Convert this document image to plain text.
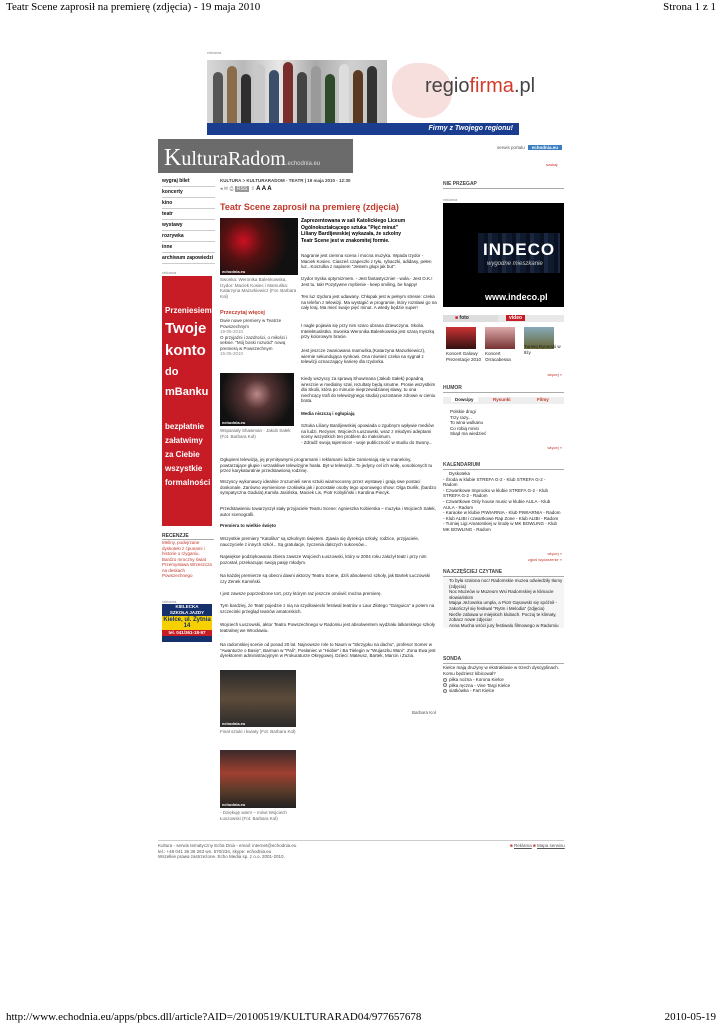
Teatr Scene zaprosił na premierę (zdjęcia) - 19 maja 2010	Strona 1 z 1
http://www.echodnia.eu/apps/pbcs.dll/article?AID=/20100519/KULTURARAD04/977657678	2010-05-19
reklama
regiofirma.pl
Firmy z Twojego regionu!
KulturaRadom.echodnia.eu
serwis portalu echodnia.eu
szukaj
wygraj bilet
koncerty
kino
teatr
wystawy
rozrywka
inne
archiwum zapowiedzi
reklama
Przeniesiemy
Twoje
konto
do
mBanku
bezpłatnie
załatwimy
za Ciebie
wszystkie
formalności
RECENZJE
Meliny, podejrzane dyskoteki z ćpunami i historie o rżyganiu.
Bardzo mroczny świat Przemysława Wrzeszcza na deskach Powszechnego
reklama
KIELECKA
SZKOŁA JAZDY
Kielce, ul. Żytnia 14
tel. 041/361-18-97
KULTURA > KULTURARADOM - TEATR | 19 maja 2010 - 12:30
◂ ✉ ⎙ RSS ⇪ A A A
Teatr Scene zaprosił na premierę (zdjęcia)
echodnia.eu
Swonka: Weronika Balenkowska, Izydor: Maciek Kosiec i Mamuśka: Katarzyna Mazurkiewicz (Fot. Barbara Koł)
Przeczytaj więcej
Dwie nowe premiery w Teatrze Powszechnym
19-05-2010
O przyjaźni i zazdrości, o miłości i seksie. "Mój boski rozwód" nową premierą w Powszechnym
15-05-2010
echodnia.eu
Wspaniały Shawman - Jakub Sałek (Fot. Barbara Koł)
Zaprezentowana w sali Katolickiego Liceum Ogólnokształcącego sztuka "Pięć minut" Liliany Bardijewskiej wykazała, że szkolny Teatr Scene jest w znakomitej formie.
Nagranie jest ciemna scena i mocna muzyka. Wpada Izydor - Maciek Kosiec. Ciasześ czapeczki z tyłu, rybaczki, adidasy, pełen luz...Koszulka z napisem "Jestem głupi jak but".
Izydor tryska optymizmem. - Jest fantastycznie! - woła.- Jest O.K.! Jest tu, tak! Pozytywne myślenie - keep smiling, be happy!
Ten luz Izydora jest udawany. Chłopak jest w pełnym stresie: czeka na telefon z telewizji. Ma wystąpić w programie, który rozsławi go na cały kraj. Ma mieć swoje pięć minut. A wtedy będzie super!
I nagle pojawia się przy nim szaro ubrana dziewczyna. Skolia. Intelektualistka. Swonka Weronika Balenkowska jest szarą myszką przy kolorowym bracie.
Jest jeszcze zwariowana mamuśka,(Katarzyna Mazurkiewicz), wiernie sekundująca synkowi. Ona również czeka na sygnał z telewizji oznaczający karierę dla Izydorka.
Kiedy wszyscy za sprawą Showmana (Jakub Sałek) popadną wreszcie w medialny szał, rezultaty będą smutne. Prosie wszystkim dla Skolii, która po minucie nieprzewidzianej sławy, tu ona niechcący trafi do telewizyjnego studia) pozostanie zdrowe w cieniu brata.
Media niszczą i ogłupiają
Sztuka Liliany Bardijewskiej opowiada o zgubnym wpływie mediów na ludzi. Rezyser, Wojciech Łuszowski, wraz z młodymi adeptami sceny wszystkich ten problem do maksimum.
- Zdradź swoją tajemnice! - woje publiczność w studiu do Swony...
Ogłupieni telewizją, jej prymitywnymi programami i reklamami ludzie zamieniają się w manekiny, powtarzające głupie i wrzaskliwe telewizyjne hasła. Byt w telewizji!...To jedyny cel ich wołę, uosobionych tu przez karykaturalnie przedstawioną rodzinę.
Wszyscy wykonawcy idealnie zrozumieli sens sztuki wiarmocosny przez wystawę i grają swe postaci doskonale. Zarówno wymienione czołówka jak i pozostałe osoby tego uporowego show: Olga Durlik, (bardzo sympatyczna Gadula),Kamila Jasińska, Maciek Lis, Piotr Kobyliński i Karolina Piecyk.
Przedstawieniu towarzyszył stały przyjaciele Teatru Scene: Agnieszka Kobierska – muzyka i Wojciech Sałek, autor scenografii.
Premiera to wielkie święto
Wszystkie premiery "Katolika" są szkolnym świętem. Zjawia się dyrekcja szkoły, rodzice, przyjaciele, nauczyciele z innych szkół... Są gratulacje, życzenia dalszych sukcesów...
Najwiękse podziękowania zbiera zawsze Wojciech Łuszowski, który w 2004 roku założył teatr i przy nim pozostał, przekazując swoją pasję młodym.
Na każdej premierze są obecni dawni aktorzy Teatru Scene, dziś absolwenci szkoły, jak Bartek Łuczowski czy Zenek Kamiński.
I jest zawsze poprzedzone tort, przy którym raz jeszcze omówić można premierę.
Tym bardziej, że Teatr pojedzie z nią na szydłowiecki festiwal teatrów o Laur Złotego "Garguica" a potem na szczecinki przegląd teatrów amatorskich.
Wojciech Łuszowski, aktor Teatru Powszechnego w Radomiu jest absolwentem wydziału lalkarskiego szkoły teatralnej we Wrocławiu.
Na radomskiej scenie od ponad 20 lat. Najnowsze role to Naum w "Skrzypku na dachu", profesor Somer w "Awanturze o Basię", Barman w "Pali", Posłaniec w "Hiobie" i Ba Tielegin w "Wujaszku Wani". Zona Ewa jest dyrektorem administracyjnym w Prokuraturze Okręgowej. Dzieci: Mateusz, Bartek, Marcin i Zuzia.
echodnia.eu
Barbara Koł
Finał sztuki i kwiaty (Fot. Barbara Koł)
echodnia.eu
- Dziękuję wam! – mówi Wojciech Łuszowski (Fot. Barbara Koł)
NIE PRZEGAP
reklama
INDECO
wygodne mieszkanie
www.indeco.pl
■ foto	video
Koncert Galowy Prezentacje 2010
Koncert Orracabessa
Turniej Rycerski w Iłży
więcej »
HUMOR
Dowcipy	Rysunki	Filmy
Polskie drogi
Trzy razy...
To wina wulkanu
Co robią mnisi
Skąd ma wiedzieć
więcej »
KALENDARIUM
Dyskoteka
- Środa w klubie STREFA G-2 - Klub STREFA G-2 - Radom
- Czwartkowe Improoko w klubie STREFA G-2 - Klub STREFA G-2 - Radom
- Czwartkowe Only house music w klubie AULA - Klub AULA - Radom
- Karaoke w klubie PIWIARNIA - Klub PIWIARNIA - Radom
- Klub ALIBI i czwartkowe Rap Zone - Klub ALIBI - Radom
- Turniej Ligi Amatorskiej w środę w MK BOWLING - Klub MK BOWLING - Radom
więcej »
zgłoś wydarzenie »
NAJCZĘŚCIEJ CZYTANE
To była szalona noc! Radomskie muzea odwiedziły tłumy (zdjęcia)
Noc Muzeów w Muzeum Wsi Radomskiej w klimacie słowiańskim
Mająa Jeżowska umpła, a Piotr Gąsowski się spóźnił - zakończył się festiwal "Rytm i Melodia" (zdjęcia)
Nieźle zabawa w miejskich klubach. Poczuj te klimaty, zobacz nowe zdjęcia!
Anna Mucha wróci jury festiwalu filmowego w Radomiu
SONDA
Kielce mają drużyny w ekstraklasie w trzech dyscyplinach. Komu będziesz kibicował?
piłka nożna - Korona Kielce
piłka ręczna - Vive Targi Kielce
siatkówka - Fart Kielce
Kultura - serwis tematyczny Echa Dnia - email: internet@echodnia.eu
tel.: +48 041 36 36 263 wn. 570/234, skype: echodnia.eu
Wszelkie prawa zastrzeżone. Echo Media sp. z o.o. 2001-2010.
■ Reklama ■ Mapa serwisu
